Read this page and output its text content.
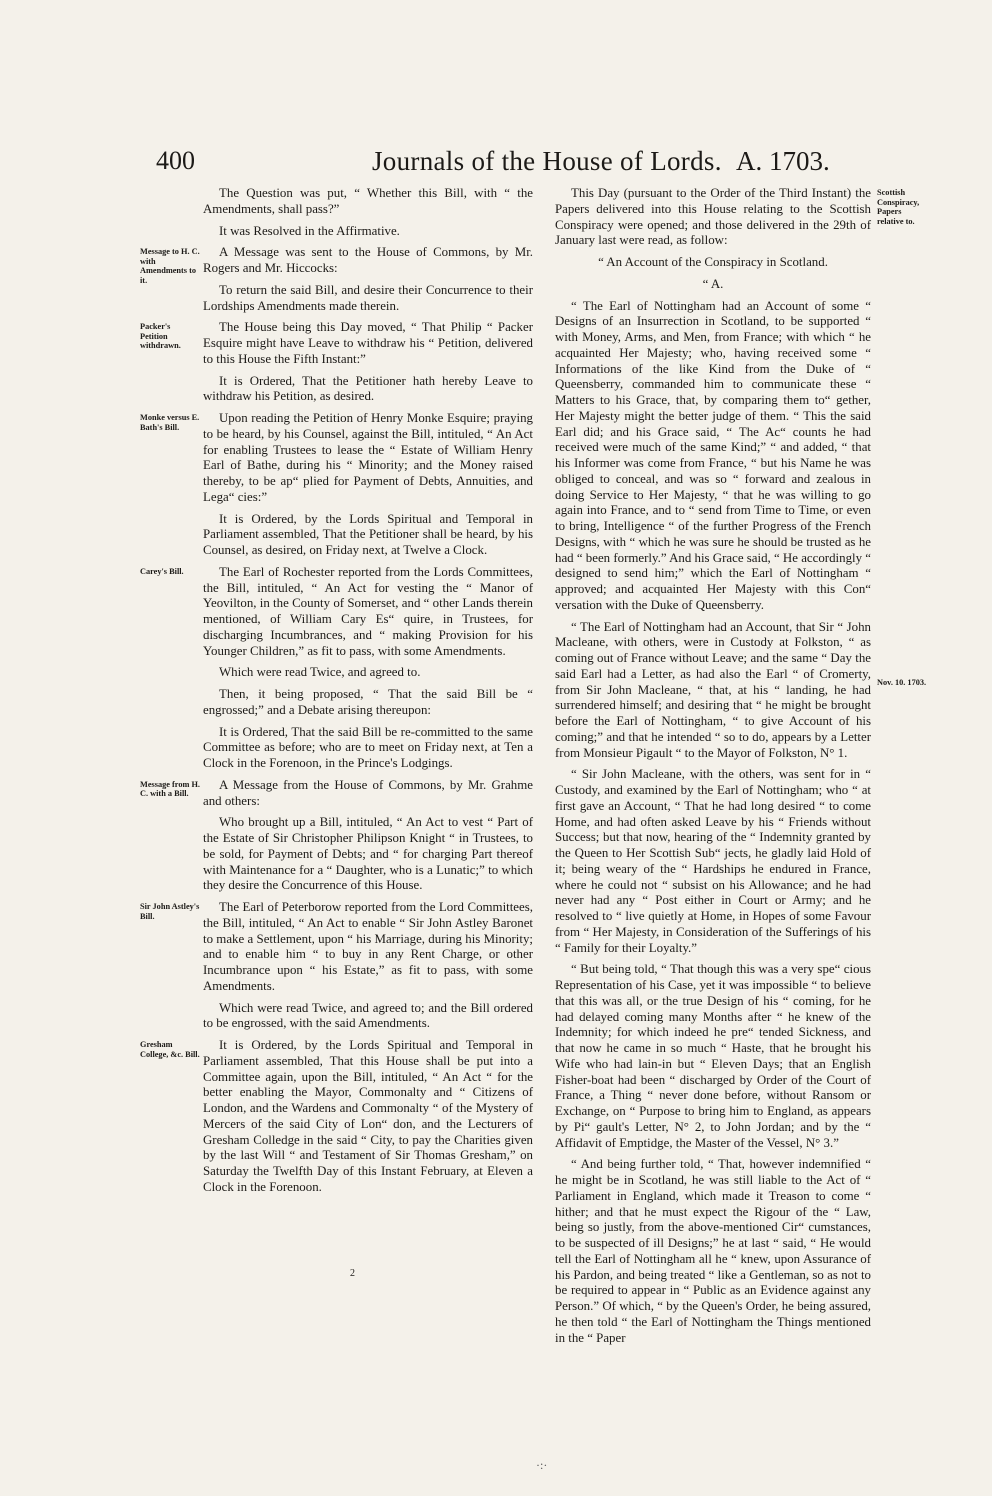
400	Journals of the House of Lords. A. 1703.

The Question was put, “ Whether this Bill, with “ the Amendments, shall pass?”

It was Resolved in the Affirmative.

Message to H. C. with Amendments to it.

A Message was sent to the House of Commons, by Mr. Rogers and Mr. Hiccocks:

To return the said Bill, and desire their Concurrence to their Lordships Amendments made therein.

Packer's Petition withdrawn.

The House being this Day moved, “ That Philip “ Packer Esquire might have Leave to withdraw his “ Petition, delivered to this House the Fifth Instant:”

It is Ordered, That the Petitioner hath hereby Leave to withdraw his Petition, as desired.

Monke versus E. Bath's Bill.

Upon reading the Petition of Henry Monke Esquire; praying to be heard, by his Counsel, against the Bill, intituled, “ An Act for enabling Trustees to lease the “ Estate of William Henry Earl of Bathe, during his “ Minority; and the Money raised thereby, to be ap“ plied for Payment of Debts, Annuities, and Lega“ cies:”

It is Ordered, by the Lords Spiritual and Temporal in Parliament assembled, That the Petitioner shall be heard, by his Counsel, as desired, on Friday next, at Twelve a Clock.

Carey's Bill.	The Earl of Rochester reported from the Lords Committees, the Bill, intituled, “ An Act for vesting the “ Manor of Yeovilton, in the County of Somerset, and “ other Lands therein mentioned, of William Cary Es“ quire, in Trustees, for discharging Incumbrances, and “ making Provision for his Younger Children,” as fit to pass, with some Amendments.

Which were read Twice, and agreed to.

Then, it being proposed, “ That the said Bill be “ engrossed;” and a Debate arising thereupon:

It is Ordered, That the said Bill be re-committed to the same Committee as before; who are to meet on Friday next, at Ten a Clock in the Forenoon, in the Prince's Lodgings.

Message from H. C. with a Bill.

A Message from the House of Commons, by Mr. Grahme and others:

Who brought up a Bill, intituled, “ An Act to vest “ Part of the Estate of Sir Christopher Philipson Knight “ in Trustees, to be sold, for Payment of Debts; and “ for charging Part thereof with Maintenance for a “ Daughter, who is a Lunatic;” to which they desire the Concurrence of this House.

Sir John Astley's Bill.

The Earl of Peterborow reported from the Lord Committees, the Bill, intituled, “ An Act to enable “ Sir John Astley Baronet to make a Settlement, upon “ his Marriage, during his Minority; and to enable him “ to buy in any Rent Charge, or other Incumbrance upon “ his Estate,” as fit to pass, with some Amendments.

Which were read Twice, and agreed to; and the Bill ordered to be engrossed, with the said Amendments.

Gresham College, &c. Bill.

It is Ordered, by the Lords Spiritual and Temporal in Parliament assembled, That this House shall be put into a Committee again, upon the Bill, intituled, “ An Act “ for the better enabling the Mayor, Commonalty and “ Citizens of London, and the Wardens and Commonalty “ of the Mystery of Mercers of the said City of Lon“ don, and the Lecturers of Gresham Colledge in the said “ City, to pay the Charities given by the last Will “ and Testament of Sir Thomas Gresham,” on Saturday the Twelfth Day of this Instant February, at Eleven a Clock in the Forenoon.

Scottish Conspiracy, Papers relative to.

This Day (pursuant to the Order of the Third Instant) the Papers delivered into this House relating to the Scottish Conspiracy were opened; and those delivered in the 29th of January last were read, as follow:

“ An Account of the Conspiracy in Scotland.

“ A.

“ The Earl of Nottingham had an Account of some “ Designs of an Insurrection in Scotland, to be supported “ with Money, Arms, and Men, from France; with which “ he acquainted Her Majesty; who, having received some “ Informations of the like Kind from the Duke of “ Queensberry, commanded him to communicate these “ Matters to his Grace, that, by comparing them to“ gether, Her Majesty might the better judge of them. “ This the said Earl did; and his Grace said, “ The Ac“ counts he had received were much of the same Kind;” “ and added, “ that his Informer was come from France, “ but his Name he was obliged to conceal, and was so “ forward and zealous in doing Service to Her Majesty, “ that he was willing to go again into France, and to “ send from Time to Time, or even to bring, Intelligence “ of the further Progress of the French Designs, with “ which he was sure he should be trusted as he had “ been formerly.” And his Grace said, “ He accordingly “ designed to send him;” which the Earl of Nottingham “ approved; and acquainted Her Majesty with this Con“ versation with the Duke of Queensberry.

Nov. 10. 1703.

“ The Earl of Nottingham had an Account, that Sir “ John Macleane, with others, were in Custody at Folkston, “ as coming out of France without Leave; and the same “ Day the said Earl had a Letter, as had also the Earl “ of Cromerty, from Sir John Macleane, “ that, at his “ landing, he had surrendered himself; and desiring that “ he might be brought before the Earl of Nottingham, “ to give Account of his coming;” and that he intended “ so to do, appears by a Letter from Monsieur Pigault “ to the Mayor of Folkston, N° 1.

“ Sir John Macleane, with the others, was sent for in “ Custody, and examined by the Earl of Nottingham; who “ at first gave an Account, “ That he had long desired “ to come Home, and had often asked Leave by his “ Friends without Success; but that now, hearing of the “ Indemnity granted by the Queen to Her Scottish Sub“ jects, he gladly laid Hold of it; being weary of the “ Hardships he endured in France, where he could not “ subsist on his Allowance; and he had never had any “ Post either in Court or Army; and he resolved to “ live quietly at Home, in Hopes of some Favour from “ Her Majesty, in Consideration of the Sufferings of his “ Family for their Loyalty.”

“ But being told, “ That though this was a very spe“ cious Representation of his Case, yet it was impossible “ to believe that this was all, or the true Design of his “ coming, for he had delayed coming many Months after “ he knew of the Indemnity; for which indeed he pre“ tended Sickness, and that now he came in so much “ Haste, that he brought his Wife who had lain-in but “ Eleven Days; that an English Fisher-boat had been “ discharged by Order of the Court of France, a Thing “ never done before, without Ransom or Exchange, on “ Purpose to bring him to England, as appears by Pi“ gault's Letter, N° 2, to John Jordan; and by the “ Affidavit of Emptidge, the Master of the Vessel, N° 3.”

“ And being further told, “ That, however indemnified “ he might be in Scotland, he was still liable to the Act of “ Parliament in England, which made it Treason to come “ hither; and that he must expect the Rigour of the “ Law, being so justly, from the above-mentioned Cir“ cumstances, to be suspected of ill Designs;” he at last “ said, “ He would tell the Earl of Nottingham all he “ knew, upon Assurance of his Pardon, and being treated “ like a Gentleman, so as not to be required to appear in “ Public as an Evidence against any Person.” Of which, “ by the Queen's Order, he being assured, he then told “ the Earl of Nottingham the Things mentioned in the “ Paper

2
·:·
